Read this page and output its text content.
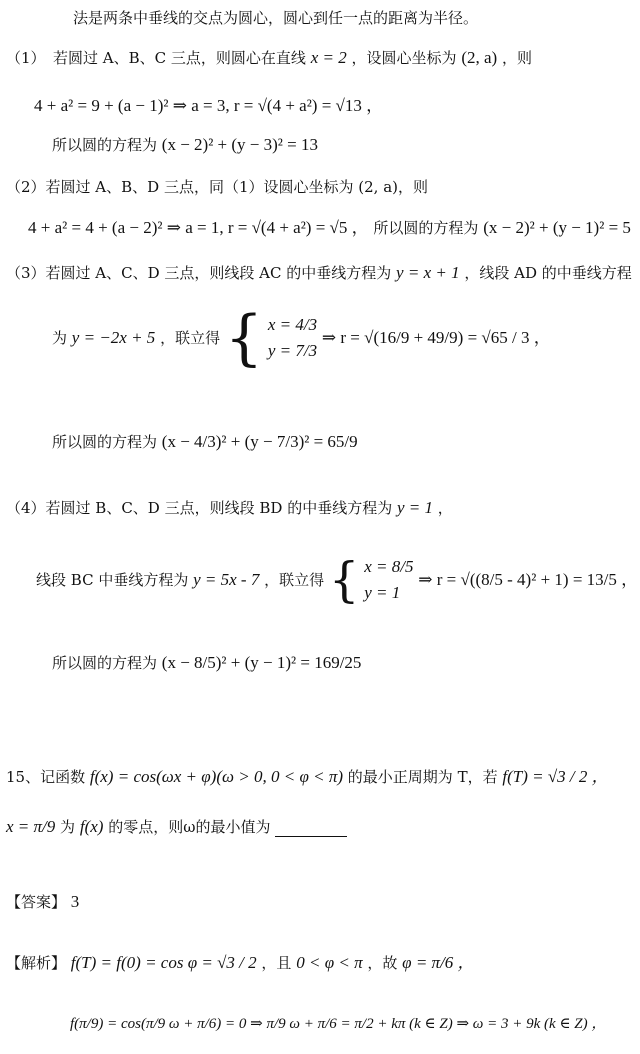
法是两条中垂线的交点为圆心，圆心到任一点的距离为半径。
（1）　若圆过 A、B、C 三点，则圆心在直线 x = 2 ，设圆心坐标为 (2, a) ，则
4 + a² = 9 + (a − 1)² ⇒ a = 3, r = √(4 + a²) = √13 ，
所以圆的方程为 (x − 2)² + (y − 3)² = 13
（2）若圆过 A、B、D 三点，同（1）设圆心坐标为 (2, a)，则
4 + a² = 4 + (a − 2)² ⇒ a = 1, r = √(4 + a²) = √5 ， 所以圆的方程为 (x − 2)² + (y − 1)² = 5
（3）若圆过 A、C、D 三点，则线段 AC 的中垂线方程为 y = x + 1 ，线段 AD 的中垂线方程
为 y = −2x + 5 ，联立得 { x = 4/3
y = 7/3
⇒ r = √(16/9 + 49/9) = √65 / 3 ，
所以圆的方程为 (x − 4/3)² + (y − 7/3)² = 65/9
（4）若圆过 B、C、D 三点，则线段 BD 的中垂线方程为 y = 1 ，
线段 BC 中垂线方程为 y = 5x - 7 ，联立得 { x = 8/5
y = 1
⇒ r = √((8/5 - 4)² + 1) = 13/5 ，
所以圆的方程为 (x − 8/5)² + (y − 1)² = 169/25
15、记函数 f(x) = cos(ωx + φ)(ω > 0, 0 < φ < π) 的最小正周期为 T，若 f(T) = √3 / 2 ，
x = π/9 为 f(x) 的零点，则ω的最小值为
【答案】 3
【解析】 f(T) = f(0) = cos φ = √3 / 2 ，且 0 < φ < π ，故 φ = π/6 ，
f(π/9) = cos(π/9 ω + π/6) = 0 ⇒ π/9 ω + π/6 = π/2 + kπ (k ∈ Z) ⇒ ω = 3 + 9k (k ∈ Z) ，
